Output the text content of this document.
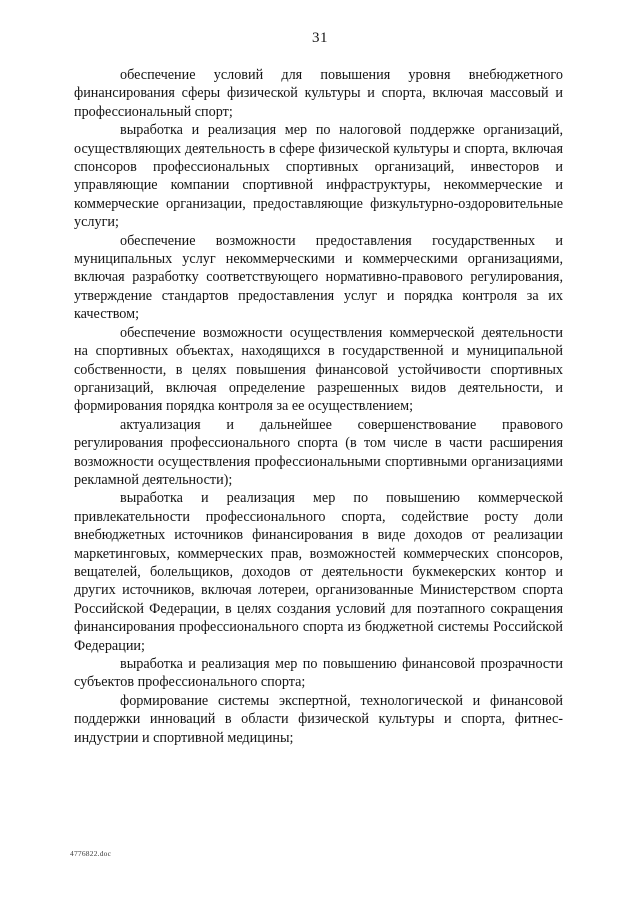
31

обеспечение условий для повышения уровня внебюджетного финансирования сферы физической культуры и спорта, включая массовый и профессиональный спорт;

выработка и реализация мер по налоговой поддержке организаций, осуществляющих деятельность в сфере физической культуры и спорта, включая спонсоров профессиональных спортивных организаций, инвесторов и управляющие компании спортивной инфраструктуры, некоммерческие и коммерческие организации, предоставляющие физкультурно-оздоровительные услуги;

обеспечение возможности предоставления государственных и муниципальных услуг некоммерческими и коммерческими организациями, включая разработку соответствующего нормативно-правового регулирования, утверждение стандартов предоставления услуг и порядка контроля за их качеством;

обеспечение возможности осуществления коммерческой деятельности на спортивных объектах, находящихся в государственной и муниципальной собственности, в целях повышения финансовой устойчивости спортивных организаций, включая определение разрешенных видов деятельности, и формирования порядка контроля за ее осуществлением;

актуализация и дальнейшее совершенствование правового регулирования профессионального спорта (в том числе в части расширения возможности осуществления профессиональными спортивными организациями рекламной деятельности);

выработка и реализация мер по повышению коммерческой привлекательности профессионального спорта, содействие росту доли внебюджетных источников финансирования в виде доходов от реализации маркетинговых, коммерческих прав, возможностей коммерческих спонсоров, вещателей, болельщиков, доходов от деятельности букмекерских контор и других источников, включая лотереи, организованные Министерством спорта Российской Федерации, в целях создания условий для поэтапного сокращения финансирования профессионального спорта из бюджетной системы Российской Федерации;

выработка и реализация мер по повышению финансовой прозрачности субъектов профессионального спорта;

формирование системы экспертной, технологической и финансовой поддержки инноваций в области физической культуры и спорта, фитнес-индустрии и спортивной медицины;

4776822.doc
